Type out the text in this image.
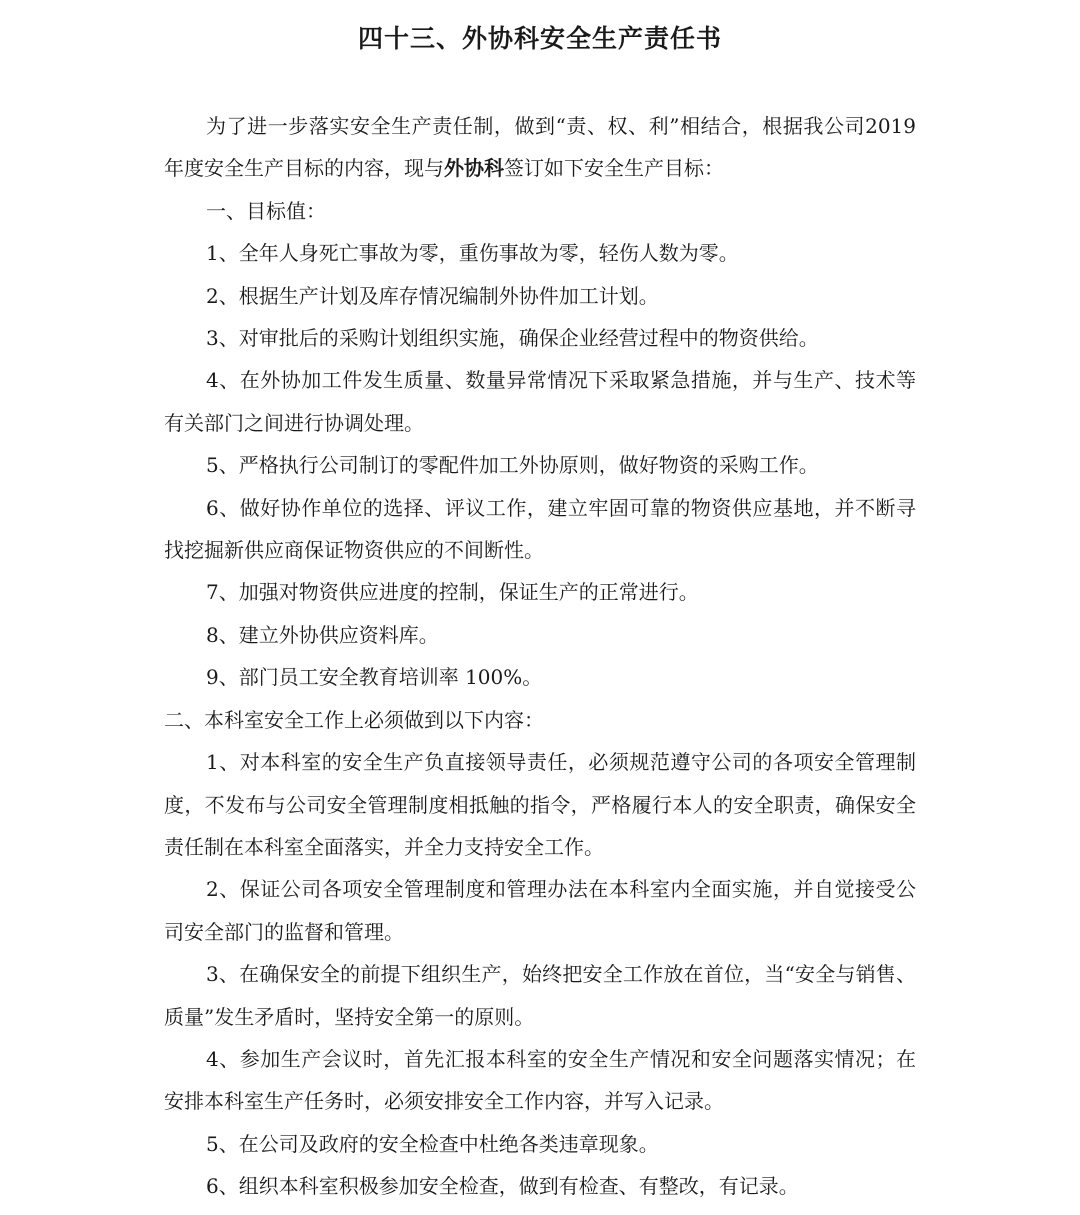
四十三、外协科安全生产责任书

为了进一步落实安全生产责任制，做到“责、权、利”相结合，根据我公司2019年度安全生产目标的内容，现与外协科签订如下安全生产目标：

一、目标值：

1、全年人身死亡事故为零，重伤事故为零，轻伤人数为零。

2、根据生产计划及库存情况编制外协件加工计划。

3、对审批后的采购计划组织实施，确保企业经营过程中的物资供给。

4、在外协加工件发生质量、数量异常情况下采取紧急措施，并与生产、技术等有关部门之间进行协调处理。

5、严格执行公司制订的零配件加工外协原则，做好物资的采购工作。

6、做好协作单位的选择、评议工作，建立牢固可靠的物资供应基地，并不断寻找挖掘新供应商保证物资供应的不间断性。

7、加强对物资供应进度的控制，保证生产的正常进行。

8、建立外协供应资料库。

9、部门员工安全教育培训率 100%。

二、本科室安全工作上必须做到以下内容：

1、对本科室的安全生产负直接领导责任，必须规范遵守公司的各项安全管理制度，不发布与公司安全管理制度相抵触的指令，严格履行本人的安全职责，确保安全责任制在本科室全面落实，并全力支持安全工作。

2、保证公司各项安全管理制度和管理办法在本科室内全面实施，并自觉接受公司安全部门的监督和管理。

3、在确保安全的前提下组织生产，始终把安全工作放在首位，当“安全与销售、质量”发生矛盾时，坚持安全第一的原则。

4、参加生产会议时，首先汇报本科室的安全生产情况和安全问题落实情况；在安排本科室生产任务时，必须安排安全工作内容，并写入记录。

5、在公司及政府的安全检查中杜绝各类违章现象。

6、组织本科室积极参加安全检查，做到有检查、有整改，有记录。
